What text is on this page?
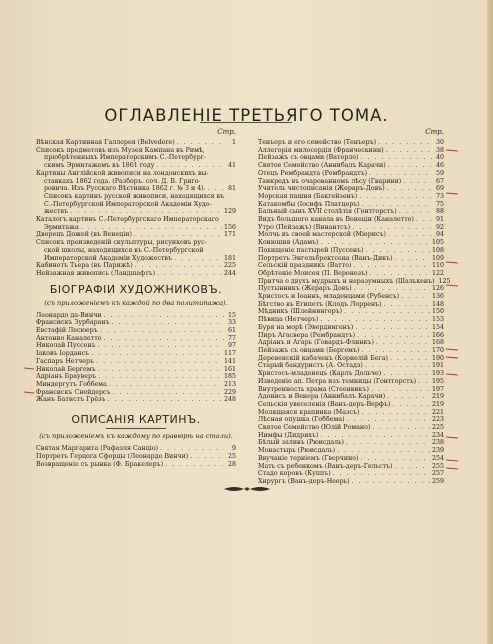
ОГЛАВЛЕНІЕ ТРЕТЬЯГО ТОМА.
Стр.
Вѣнская Картинная Галлерея (Belvedere) . . .	1
Списокъ предметовъ изъ Музея Кампана въ Римѣ,
пріобрѣтенныхъ Императорскимъ С.-Петербург-
скимъ Эрмитажемъ въ 1861 году . . .	41
Картины Англійской живописи на лондонскихъ вы-
ставкахъ 1862 года. (Разборъ. соч. Д. В. Григо-
ровича. Изъ Русскаго Вѣстника 1862 г. № 3 и 4). . . .	81
Списокъ картинъ русской живописи, находящихся въ
С.-Петербургской Императорской Академіи Худо-
жествъ . . .	129
Каталогъ картинъ С.-Петербургскаго Императорскаго
Эрмитажа . . .	156
Дворецъ Дожей (въ Венеціи) . . .	171
Списокъ произведеній скульптуры, рисунковъ рус-
ской школы, находящихся въ С.-Петербургской
Императорской Академіи Художествъ . . .	181
Кабинетъ Тьера (въ Парижѣ) . . .	225
Нейзажная живопись (Ландшафтъ) . . .	244
БІОГРАФІИ ХУДОЖНИКОВЪ.
(съ приложеніемъ къ каждой по два политипажа).
Леонардо да-Винчи . . .	15
Франсискъ Зурбаранъ . . .	33
Евстафій Лесюеръ . . .	61
Антонио Каналетто . . .	77
Николай Пуссенъ . . .	97
Іаковъ Іордансъ . . .	117
Гаспаръ Нетчеръ . . .	141
Николай Бергемъ . . .	161
Адріанъ Брауверъ . . .	185
Миндергутъ Гоббема . . .	213
Франсискъ Снейдерсъ . . .	229
Жанъ Батистъ Грёзъ . . .	248
ОПИСАНІЯ КАРТИНЪ.
(съ приложеніемъ къ каждому по гравюрѣ на стали).
Святая Маргарита (Рафаэля Санціо) . . .	9
Портретъ Герцога Сфорцы (Леонардо Винчи) . . .	25
Возвращеніе съ рынка (Ф. Бракелеръ) . . .	28
Стр.
Тенъеръ и его семейство (Тенъеръ) . . .	30
Аллегорія милосердія (Франческини) . . .	38
Пейзажъ съ овцами (Ватерло) . . .	40
Святое Семейство (Аннибалъ Карачи) . . .	46
Отецъ Рембрандта (Рембрандтъ) . . .	59
Танкредъ въ очарованномъ лѣсу (Гварини) . . .	67
Учитель чистописанія (Жераръ-Довъ) . . .	69
Морская пашня (Бакгейзенъ) . . .	73
Катакомбы (Іосифъ Платцеръ) . . .	75
Бальный сынъ XVII столѣтія (Гонтгорстъ) . . .	88
Видъ большого канала въ Венеціи (Каналетто) . . .	91
Утро (Пейзажъ) (Винантсъ) . . .	92
Молчь въ своей мастерской (Міерисъ) . . .	94
Конюшня (Адамъ) . . .	105
Похищеніе пастырей (Пуссенъ) . . .	108
Портретъ Энгельбректсена (Ванъ-Дикъ) . . .	109
Сельскій праздникъ (Ватто) . . .	110
Обрѣтеніе Моисея (П. Веронезъ) . . .	122
Притча о двухъ мудрыхъ и неразумныхъ (Шалькенъ) 125
Пустынникъ (Жераръ Довъ) . . .	126
Христосъ и Іоаннъ, младенцами (Рубенсъ) . . .	136
Бѣгство въ Египетъ (Клодъ Лорренъ) . . .	148
Мѣдникъ (Шлейнингеръ) . . .	150
Пѣвица (Нетчеръ) . . .	153
Буря на морѣ (Эвердингенъ) . . .	154
Пиръ Агасвера (Рембрандтъ) . . .	166
Адріанъ и Агарь (Говардъ-Флинкъ) . . .	168
Пейзажъ съ овцами (Бергемъ) . . .	170
Деревенскій кабачекъ (Корнелій Бега) . . .	190
Старый бандуристъ (А. Остадэ) . . .	191
Христосъ-младенецъ (Карлъ Дольче) . . .	193
Изведеніе ап. Петра изъ темницы (Гонтгорстъ) . . .	195
Внутренность храма (Стеенвикъ) . . .	197
Адонисъ и Венера (Аннибалъ Карачи) . . .	219
Сельскія увеселенія (Ванъ-деръ-Верфъ) . . .	219
Молящаяся крапинка (Мазсъ) . . .	221
Лѣсная опушка (Гоббема) . . .	223
Святое Семейство (Юлій Романо) . . .	225
Нимфы (Дидрихъ) . . .	234
Бѣлый заливъ (Рюисдаль) . . .	238
Монастырь (Рюисдаль) . . .	239
Ввучаніе терніемъ (Гверчино) . . .	254
Мать съ ребенкомъ (Ванъ-деръ-Гельстъ) . . .	255
Стадо коровъ (Куппъ) . . .	257
Хирургъ (Ванъ-деръ-Неерь) . . .	259
